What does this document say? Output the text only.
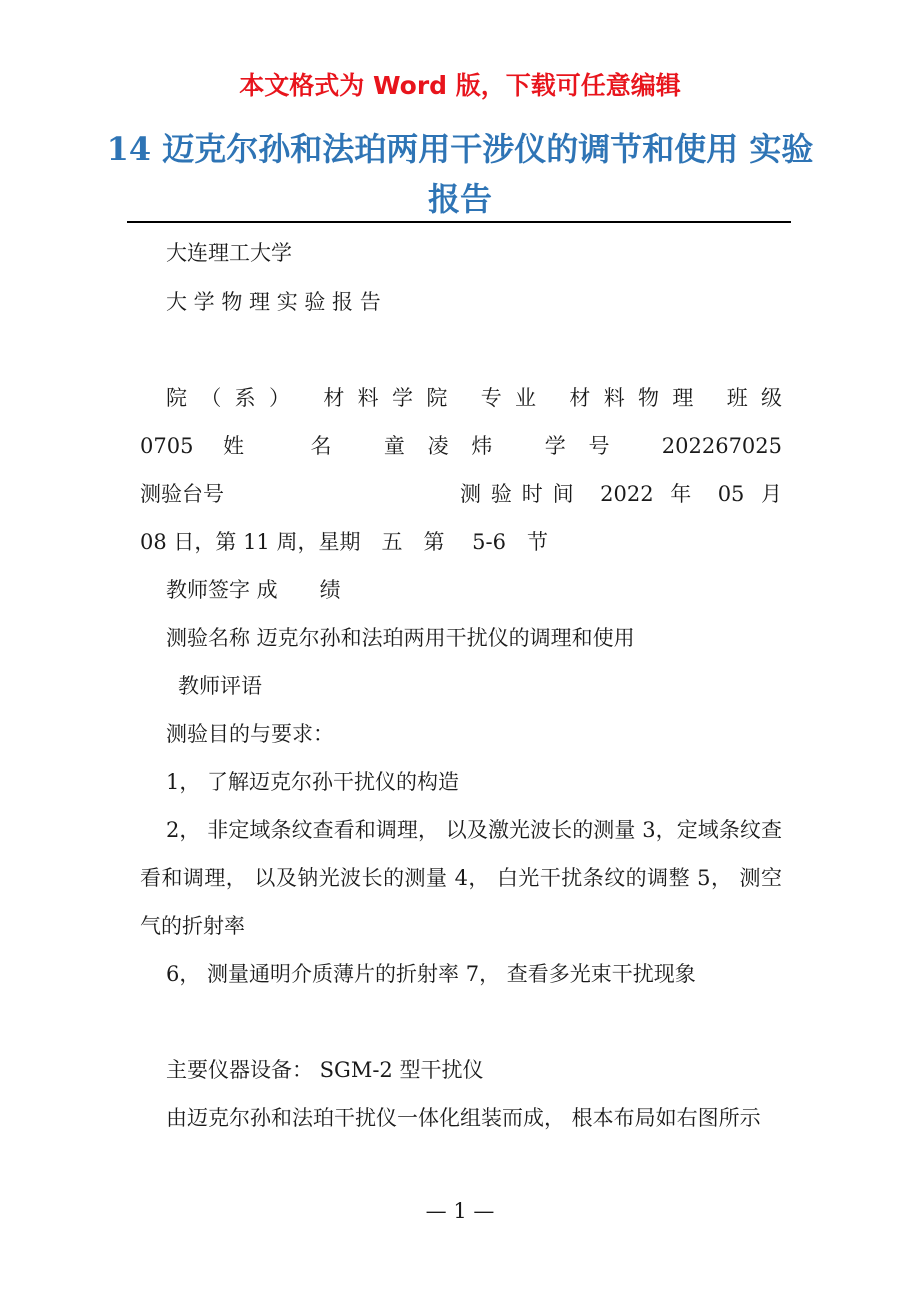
本文格式为 Word 版，下载可任意编辑
14 迈克尔孙和法珀两用干涉仪的调节和使用 实验报告
大连理工大学
大 学 物 理 实 验 报 告
院（系） 材料学院 专业 材料物理 班级
0705 姓　名 童凌炜 学号 202267025
测验台号	测验时间 2022 年 05 月
08 日，第 11 周，星期　五　第　 5-6　节
教师签字 成　　绩
测验名称 迈克尔孙和法珀两用干扰仪的调理和使用
教师评语
测验目的与要求：
1， 了解迈克尔孙干扰仪的构造
2， 非定域条纹查看和调理， 以及激光波长的测量 3，定域条纹查看和调理， 以及钠光波长的测量 4， 白光干扰条纹的调整 5， 测空气的折射率
6， 测量通明介质薄片的折射率 7， 查看多光束干扰现象
主要仪器设备： SGM-2 型干扰仪
由迈克尔孙和法珀干扰仪一体化组装而成， 根本布局如右图所示
— 1 —
